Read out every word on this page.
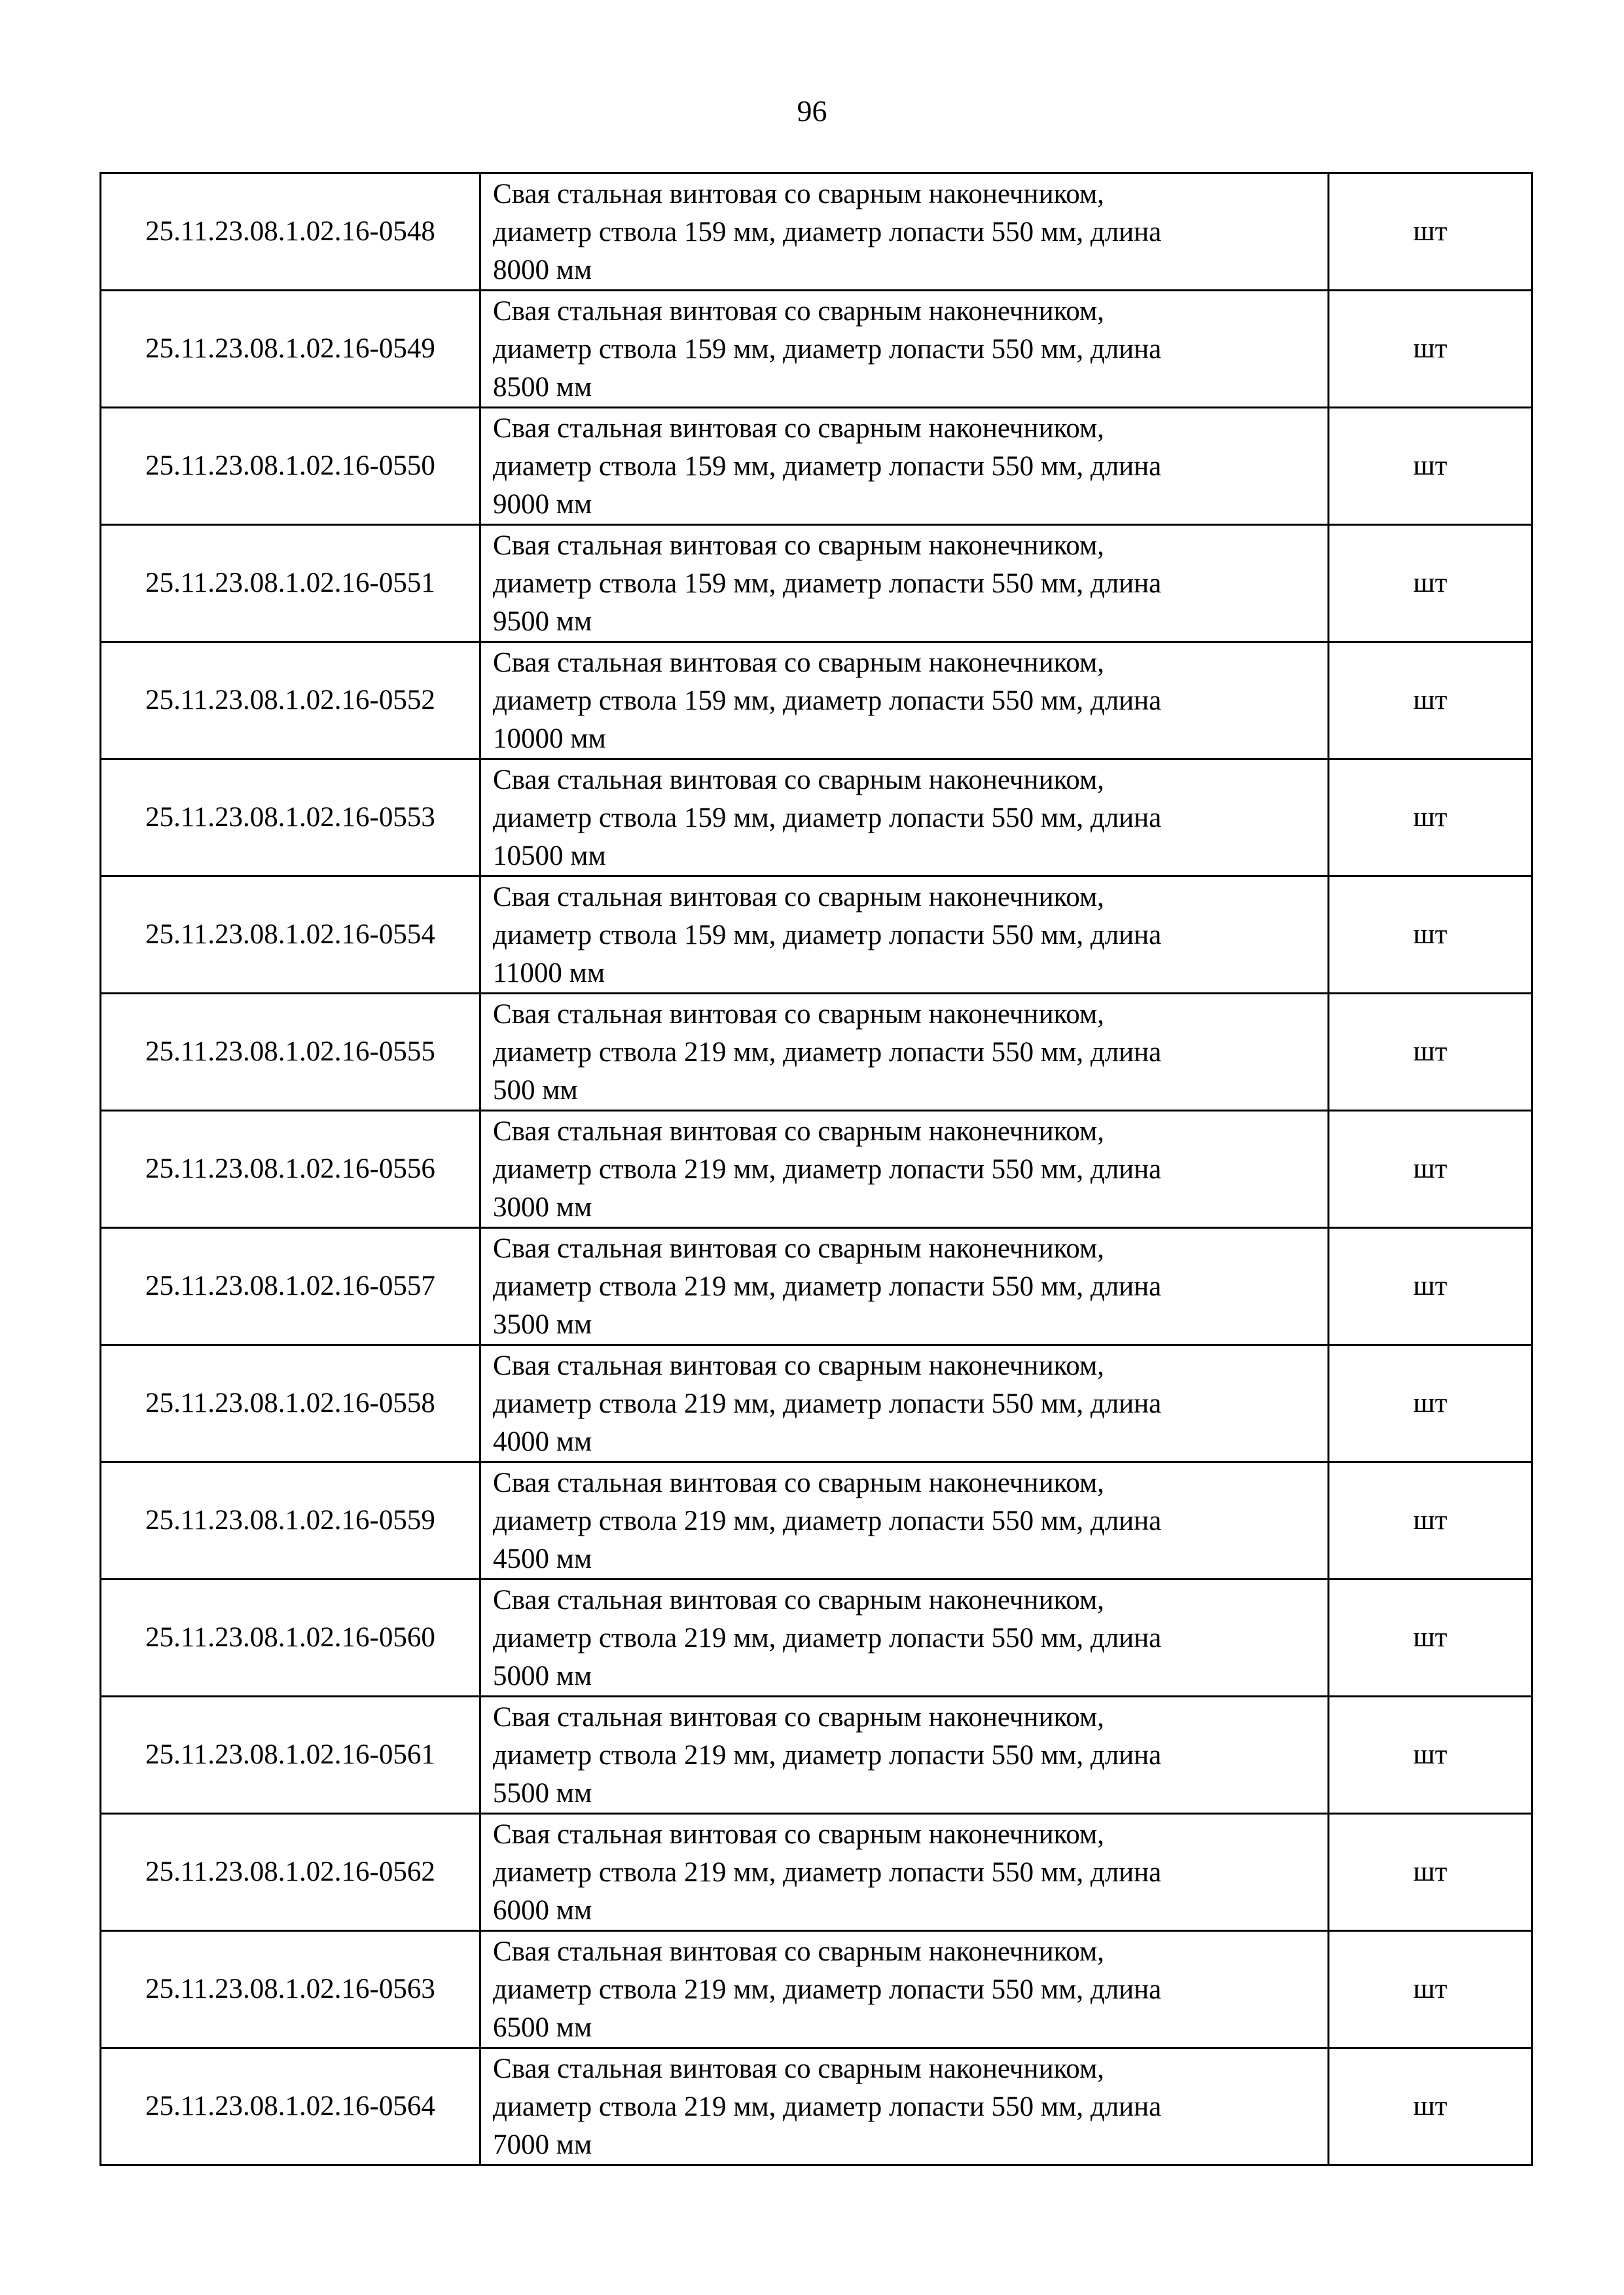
96
25.11.23.08.1.02.16-0548	Свая стальная винтовая со сварным наконечником,
диаметр ствола 159 мм, диаметр лопасти 550 мм, длина
8000 мм	шт
25.11.23.08.1.02.16-0549	Свая стальная винтовая со сварным наконечником,
диаметр ствола 159 мм, диаметр лопасти 550 мм, длина
8500 мм	шт
25.11.23.08.1.02.16-0550	Свая стальная винтовая со сварным наконечником,
диаметр ствола 159 мм, диаметр лопасти 550 мм, длина
9000 мм	шт
25.11.23.08.1.02.16-0551	Свая стальная винтовая со сварным наконечником,
диаметр ствола 159 мм, диаметр лопасти 550 мм, длина
9500 мм	шт
25.11.23.08.1.02.16-0552	Свая стальная винтовая со сварным наконечником,
диаметр ствола 159 мм, диаметр лопасти 550 мм, длина
10000 мм	шт
25.11.23.08.1.02.16-0553	Свая стальная винтовая со сварным наконечником,
диаметр ствола 159 мм, диаметр лопасти 550 мм, длина
10500 мм	шт
25.11.23.08.1.02.16-0554	Свая стальная винтовая со сварным наконечником,
диаметр ствола 159 мм, диаметр лопасти 550 мм, длина
11000 мм	шт
25.11.23.08.1.02.16-0555	Свая стальная винтовая со сварным наконечником,
диаметр ствола 219 мм, диаметр лопасти 550 мм, длина
500 мм	шт
25.11.23.08.1.02.16-0556	Свая стальная винтовая со сварным наконечником,
диаметр ствола 219 мм, диаметр лопасти 550 мм, длина
3000 мм	шт
25.11.23.08.1.02.16-0557	Свая стальная винтовая со сварным наконечником,
диаметр ствола 219 мм, диаметр лопасти 550 мм, длина
3500 мм	шт
25.11.23.08.1.02.16-0558	Свая стальная винтовая со сварным наконечником,
диаметр ствола 219 мм, диаметр лопасти 550 мм, длина
4000 мм	шт
25.11.23.08.1.02.16-0559	Свая стальная винтовая со сварным наконечником,
диаметр ствола 219 мм, диаметр лопасти 550 мм, длина
4500 мм	шт
25.11.23.08.1.02.16-0560	Свая стальная винтовая со сварным наконечником,
диаметр ствола 219 мм, диаметр лопасти 550 мм, длина
5000 мм	шт
25.11.23.08.1.02.16-0561	Свая стальная винтовая со сварным наконечником,
диаметр ствола 219 мм, диаметр лопасти 550 мм, длина
5500 мм	шт
25.11.23.08.1.02.16-0562	Свая стальная винтовая со сварным наконечником,
диаметр ствола 219 мм, диаметр лопасти 550 мм, длина
6000 мм	шт
25.11.23.08.1.02.16-0563	Свая стальная винтовая со сварным наконечником,
диаметр ствола 219 мм, диаметр лопасти 550 мм, длина
6500 мм	шт
25.11.23.08.1.02.16-0564	Свая стальная винтовая со сварным наконечником,
диаметр ствола 219 мм, диаметр лопасти 550 мм, длина
7000 мм	шт
